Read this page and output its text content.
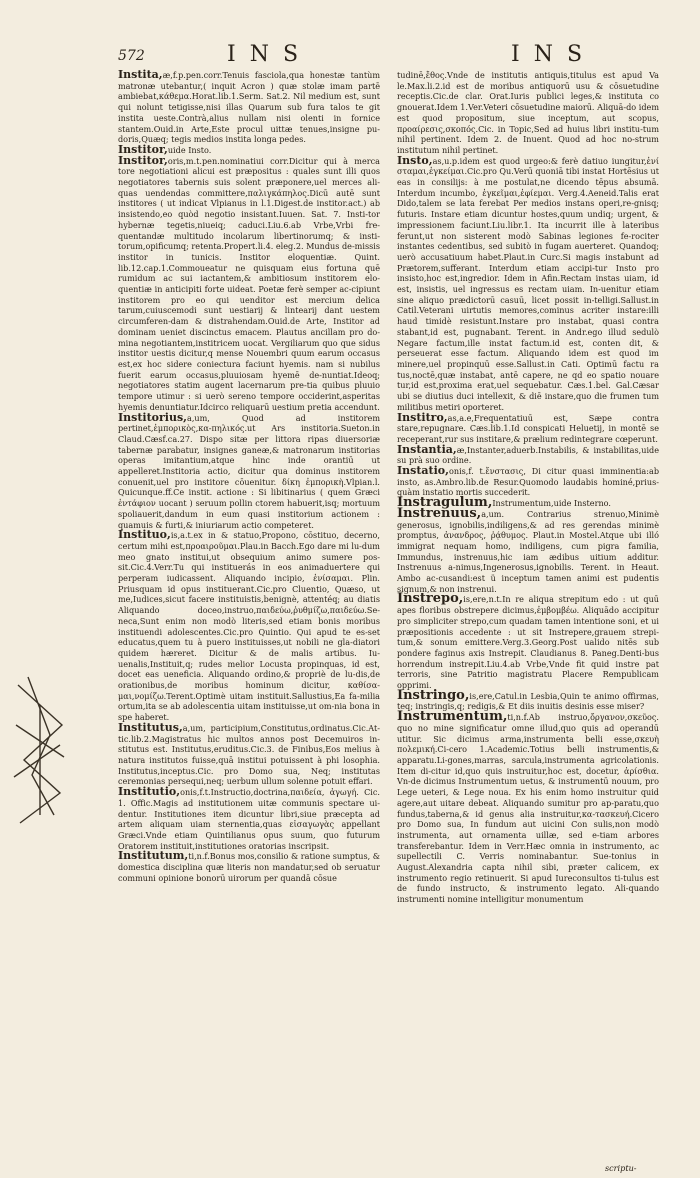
572	INS	INS

Instita,æ,f.p.pen.corr.Tenuis fasciola,qua honestæ tantùm matronæ utebantur,( inquit Acron ) quæ stolæ imam partē ambiebat,κάθεμα.Horat.lib.1.Serm. Sat.2. Nil medium est, sunt qui nolunt tetigisse,nisi illas Quarum sub fura talos te git instita ueste.Contrà,alius nullam nisi olenti in fornice stantem.Ouid.in Arte,Este procul uittæ tenues,insigne pu-doris,Quæq; tegis medios instita longa pedes.

Institor,uide Insto.

Institor,oris,m.t.pen.nominatiui corr.Dicitur qui à merca tore negotiationi alicui est præpositus : quales sunt illi quos negotiatores tabernis suis solent præponere,uel merces ali-quas uendendas committere,παλιγκάπηλος.Dicū autē sunt institores ( ut indicat Vlpianus in l.1.Digest.de institor.act.) ab insistendo,eo quòd negotio insistant.Iuuen. Sat. 7. Insti-tor hybernæ tegetis,niueiq; caduci.Liu.6.ab Vrbe,Vrbi fre-quentandæ multitudo incolarum libertinorumq; & insti-torum,opificumq; retenta.Propert.li.4. eleg.2. Mundus de-missis institor in tunicis. Institor eloquentiæ. Quint. lib.12.cap.1.Commoueatur ne quisquam eius fortuna quē rumidum ac sui iactantem,& ambitiosum institorem elo-quentiæ in anticipiti forte uideat. Poetæ ferè semper ac-cipiunt institorem pro eo qui uenditor est mercium delica tarum,cuiuscemodi sunt uestiarij & lintearij dant uestem circumferen-dam & distrahendam.Ouid.de Arte, Institor ad dominam ueniet discinctus emacem. Plautus ancillam pro do-mina negotiantem,institricem uocat. Vergiliarum quo que sidus institor uestis dicitur,q mense Nouembri quum earum occasus est,ex hoc sidere coniectura faciunt hyemis. nam si nubilus fuerit earum occasus,pluuiosam hyemē de-nuntiat.Ideoq; negotiatores statim augent lacernarum pre-tia quibus pluuio tempore utimur : si uerò sereno tempore occiderint,asperitas hyemis denuntiatur.Idcirco reliquarū uestium pretia accendunt.

Institorius,a,um, Quod ad institorem pertinet,ἐμπορικὸς,κα-πηλικός.ut Ars institoria.Sueton.in Claud.Cæsf.ca.27. Dispo sitæ per littora ripas diuersoriæ tabernæ parabatur, insignes ganeæ,& matronarum institorias operas imitantium,atque hinc inde orantiū ut appelleret.Institoria actio, dicitur qua dominus institorem conuenit,uel pro institore cōuenitur. δίκη ἐμπορικὴ.Vlpian.l. Quicunque.ff.Ce instit. actione : Si libitinarius ( quem Græci ἐντάφιον uocant ) seruum pollin ctorem habuerit,isq; mortuum spoliauerit,dandum in eum quasi institorium actionem : quamuis & furti,& iniuriarum actio competeret.

Instituo,is,a.t.ex in & statuo,Propono, cōstituo, decerno, certum mihi est,προαιροῦμαι.Plau.in Bacch.Ego dare mi lu-dum meo gnato institui,ut obsequium animo sumere pos-sit.Cic.4.Verr.Tu qui instituerás in eos animaduertere qui perperam iudicassent. Aliquando incipio, ἐνίσαμαι. Plin. Priusquam id opus instituerant.Cic.pro Cluentio, Quæso, ut me,Iudices,sicut facere instituistis,benignè, attentéq; au diatis Aliquando doceo,instruo,παιδεύω,ῥυθμίζω,παιδεύω.Se-neca,Sunt enim non modò literis,sed etiam bonis moribus instituendi adolescentes.Cic.pro Quintio. Qui apud te es-set educatus,quem tu à puero instituisses,ut nobili ne gla-diatori quidem hæreret. Dicitur & de malis artibus. Iu-uenalis,Instituit,q; rudes melior Locusta propinquas, id est, docet eas ueneficia. Aliquando ordino,& propriè de lu-dis,de orationibus,de moribus hominum dicitur, καθίσα-μαι,νομίζω.Terent.Optimè uitam instituit.Sallustius,Ea fa-milia ortum,ita se ab adolescentia uitam instituisse,ut om-nia bona in spe haberet.

Institutus,a,um, participium,Constitutus,ordinatus.Cic.At-tic.lib.2.Magistratus hic multos annos post Decemuiros in-stitutus est. Institutus,eruditus.Cic.3. de Finibus,Eos melius à natura institutos fuisse,quā institui potuissent à phi losophia. Institutus,inceptus.Cic. pro Domo sua, Neq; institutas ceremonias persequi,neq; uerbum ullum solenne potuit effari.

Institutio,onis,f.t.Instructio,doctrina,παιδεία, ἀγωγή. Cic. 1. Offic.Magis ad institutionem uitæ communis spectare ui-dentur. Institutiones item dicuntur libri,siue præcepta ad artem aliquam uiam sternentia,quas εἰσαγωγὰς appellant Græci.Vnde etiam Quintilianus opus suum, quo futurum Oratorem instituit,institutiones oratorias inscripsit.

Institutum,ti,n.f.Bonus mos,consilio & ratione sumptus, & domestica disciplina quæ literis non mandatur,sed ob seruatur communi opinione bonorū uirorum per quandā cōsue

tudinē,ἔθος.Vnde de institutis antiquis,titulus est apud Va le.Max.li.2.id est de moribus antiquorū usu & cōsuetudine receptis.Cic.de clar. Orat.Iuris publici leges,& instituta co gnouerat.Idem 1.Ver.Veteri cōsuetudine maiorū. Aliquā-do idem est quod propositum, siue inceptum, aut scopus, προαίρεσις,σκοπός.Cic. in Topic,Sed ad huius libri institu-tum nihil pertinent. Idem 2. de Inuent. Quod ad hoc no-strum institutum nihil pertinet.

Insto,as,u.p.idem est quod urgeo:& ferè datiuo iungitur,ἐνί σταμαι,ἐγκείμαι.Cic.pro Qu.Verū quoniā tibi instat Hortēsius ut eas in consilijs: à me postulat,ne dicendo tēpus absumā. Interdum incumbo, ἐγκεῖμαι,ἐφίεμαι. Verg.4.Aeneid.Talis erat Dido,talem se lata ferebat Per medios instans operi,re-gnisq; futuris. Instare etiam dicuntur hostes,quum undiq; urgent, & impressionem faciunt.Liu.libr.1. Ita incurrit ille à lateribus ferunt,ut non sisterent modò Sabinas legiones fe-rociter instantes cedentibus, sed subitò in fugam auerteret. Quandoq; uerò accusatiuum habet.Plaut.in Curc.Si magis instabunt ad Prætorem,sufferant. Interdum etiam accipi-tur Insto pro insisto,hoc est,ingredior. Idem in Afin.Rectam instas uiam, id est, insistis, uel ingressus es rectam uiam. In-uenitur etiam sine aliquo prædictorū casuū, licet possit in-telligi.Sallust.in Catil.Veterani uirtutis memores,cominus acriter instare:illi haud timidè resistunt.Instare pro instabat, quasi contra stabant,id est, pugnabant. Terent. in Andr.ego illud sedulò Negare factum,ille instat factum.id est, conten dit, & perseuerat esse factum. Aliquando idem est quod im minere,uel propinquū esse.Sallust.in Cati. Optimū factu ra tus,noctē,quæ instabat, antē capere, ne qd eo spatio nouare tur,id est,proxima erat,uel sequebatur. Cæs.1.bel. Gal.Cæsar ubi se diutius duci intellexit, & diē instare,quo die frumen tum militibus metiri oporteret.

Institro,as,a.e,Frequentatiuū est, Sæpe contra stare,repugnare. Cæs.lib.1.Id conspicati Heluetij, in montē se receperant,rur sus institare,& prælium redintegrare cœperunt.

Instantia,æ,Instanter,aduerb.Instabilis, & instabilitas,uide su prà suo ordine.

Instatio,onis,f. t.ἔνστασις, Di citur quasi imminentia:ab insto, as.Ambro.lib.de Resur.Quomodo laudabis hominé,prius-quàm instatio mortis succederit.

Instragulum,Instrumentum,uide Insterno.

Instrenuus,a,um. Contrarius strenuo,Minimè generosus, ignobilis,indiligens,& ad res gerendas minimè promptus, ἀνανδρος, ῥᾴθυμος. Plaut.in Mostel.Atque ubi illó immigrat nequam homo, indiligens, cum pigra familia, Immundus, instrenuus,hic iam ædibus uitium additur. Instrenuus a-nimus,Ingenerosus,ignobilis. Terent. in Heaut. Ambo ac-cusandi:est ü inceptum tamen animi est pudentis signum,& non instrenui.

Instrepo,is,ere,n.t.In re aliqua strepitum edo : ut quū apes floribus obstrepere dicimus,ἐμβομβέω. Aliquādo accipitur pro simpliciter strepo,cum quadam tamen intentione soni, et ui præpositionis accedente : ut sit Instrepere,grauem strepi-tum,& sonum emittere.Verg.3.Georg.Post ualido nitēs sub pondere faginus axis Instrepit. Claudianus 8. Paneg.Denti-bus horrendum instrepit.Liu.4.ab Vrbe,Vnde fit quid instre pat terroris, sine Patritio magistratu Placere Rempublicam opprimi.

Instringo,is,ere,Catul.in Lesbia,Quin te animo offirmas, teq; instringis,q; redigis,& Et diis inuitis desinis esse miser?

Instrumentum,ti,n.f.Ab instruo,ὄργανον,σκεῦος. quo no mine significatur omne illud,quo quis ad operandū utitur. Sic dicimus arma,instrumenta belli esse,σκευὴ πολεμική.Ci-cero 1.Academic.Totius belli instrumentis,& apparatu.Li-gones,marras, sarcula,instrumenta agricolationis. Item di-citur id,quo quis instruitur,hoc est, docetur, ἀρίσθια. Vn-de dicimus Instrumentum uetus, & instrumentū nouum, pro Lege ueteri, & Lege noua. Ex his enim homo instruitur quid agere,aut uitare debeat. Aliquando sumitur pro ap-paratu,quo fundus,taberna,& id genus alia instruitur,κα-τασκευή.Cicero pro Domo sua, In fundum aut uicini Con sulis,non modò instrumenta, aut ornamenta uillæ, sed e-tiam arbores transferebantur. Idem in Verr.Hæc omnia in instrumento, ac supellectili C. Verris nominabantur. Sue-tonius in August.Alexandria capta nihil sibi, præter calicem, ex instrumento regio retinuerit. Si apud Iureconsultos ti-tulus est de fundo instructo, & instrumento legato. Ali-quando instrumenti nomine intelligitur monumentum

scriptu-
